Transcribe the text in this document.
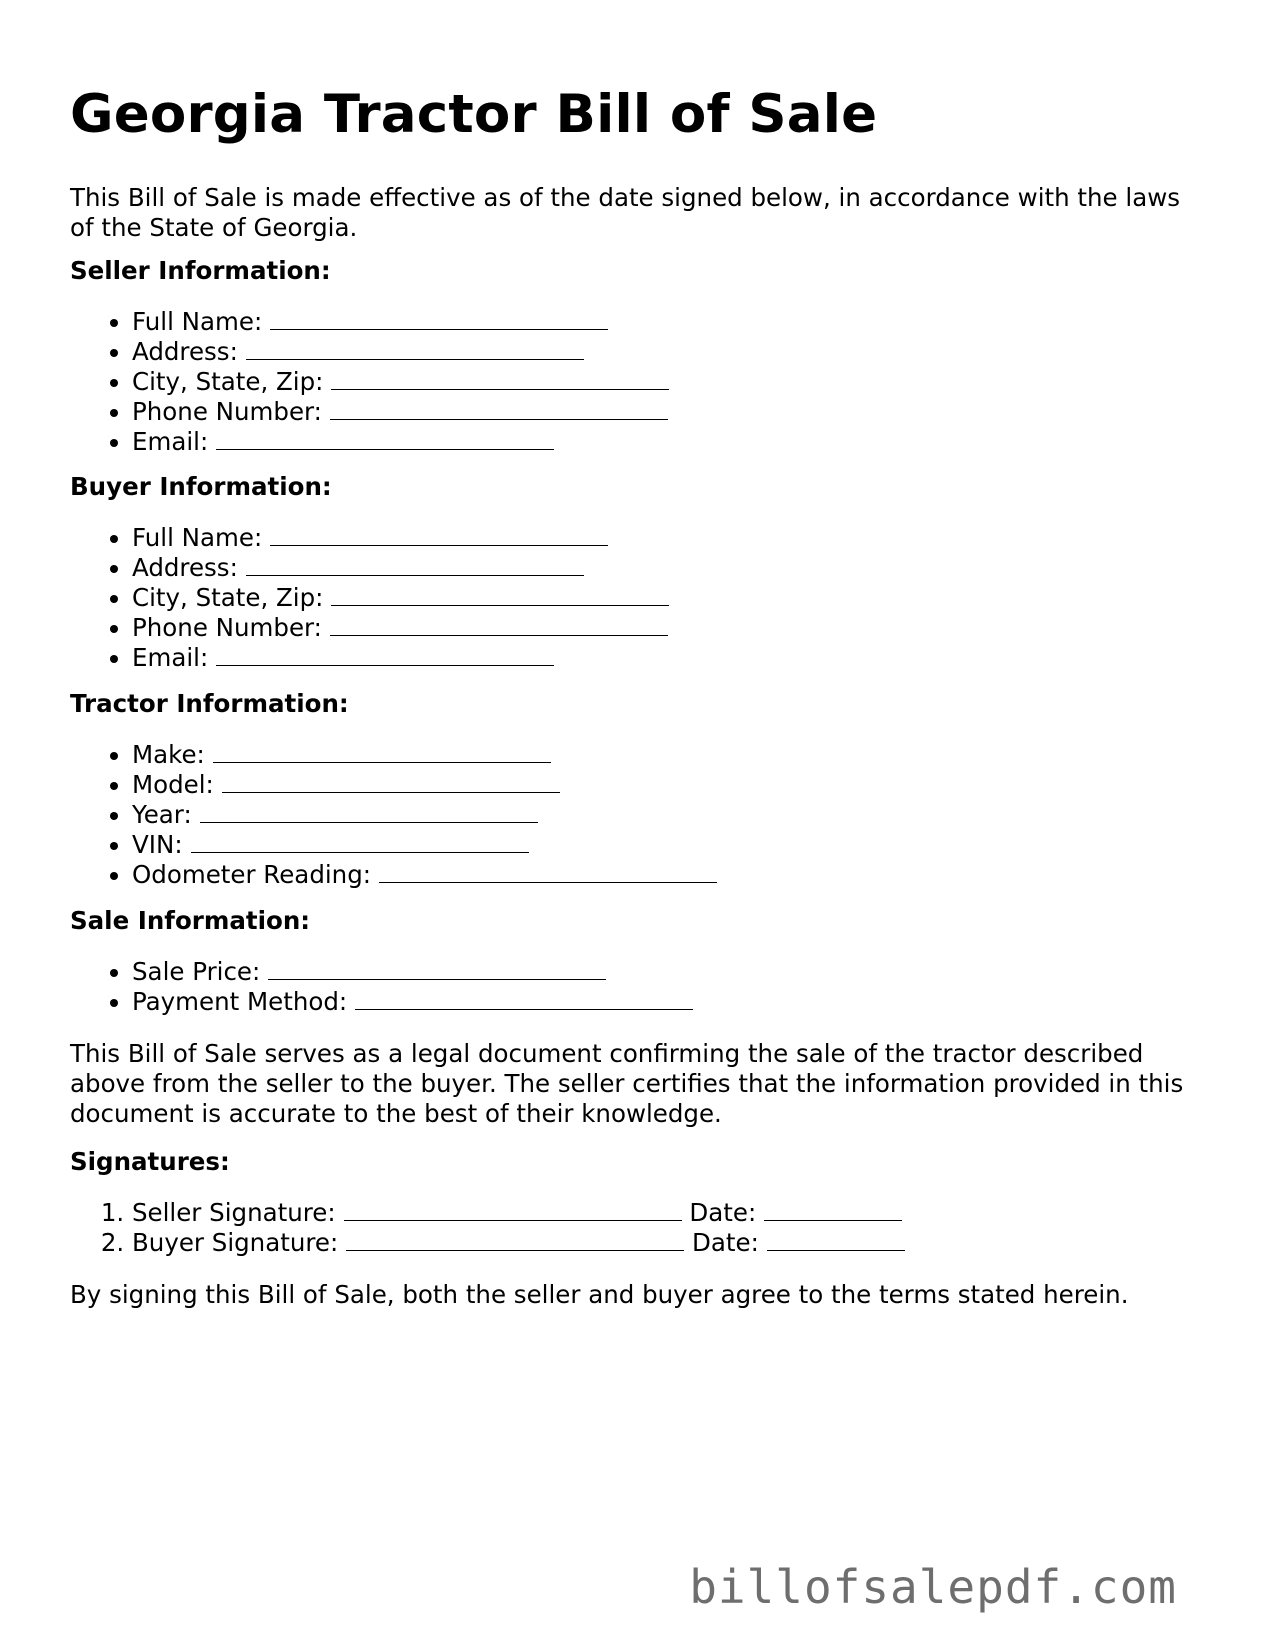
Georgia Tractor Bill of Sale

This Bill of Sale is made effective as of the date signed below, in accordance with the laws of the State of Georgia.

Seller Information:

• Full Name:
• Address:
• City, State, Zip:
• Phone Number:
• Email:

Buyer Information:

• Full Name:
• Address:
• City, State, Zip:
• Phone Number:
• Email:

Tractor Information:

• Make:
• Model:
• Year:
• VIN:
• Odometer Reading:

Sale Information:

• Sale Price:
• Payment Method:

This Bill of Sale serves as a legal document confirming the sale of the tractor described above from the seller to the buyer. The seller certifies that the information provided in this document is accurate to the best of their knowledge.

Signatures:

1. Seller Signature:	Date:
2. Buyer Signature:	Date:

By signing this Bill of Sale, both the seller and buyer agree to the terms stated herein.

billofsalepdf.com
